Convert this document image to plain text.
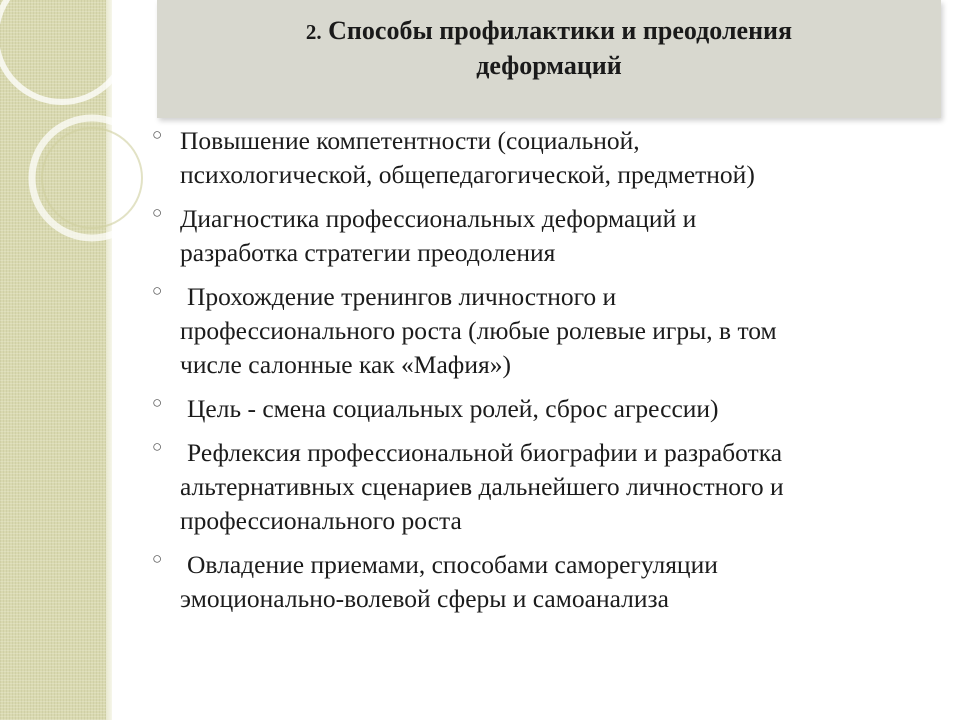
2. Способы профилактики и преодоления
деформаций
○ Повышение компетентности (социальной,
психологической, общепедагогической, предметной)
○ Диагностика профессиональных деформаций и
разработка стратегии преодоления
○ Прохождение тренингов личностного и
профессионального роста (любые ролевые игры, в том
числе салонные как «Мафия»)
○ Цель - смена социальных ролей, сброс агрессии)
○ Рефлексия профессиональной биографии и разработка
альтернативных сценариев дальнейшего личностного и
профессионального роста
○ Овладение приемами, способами саморегуляции
эмоционально-волевой сферы и самоанализа
